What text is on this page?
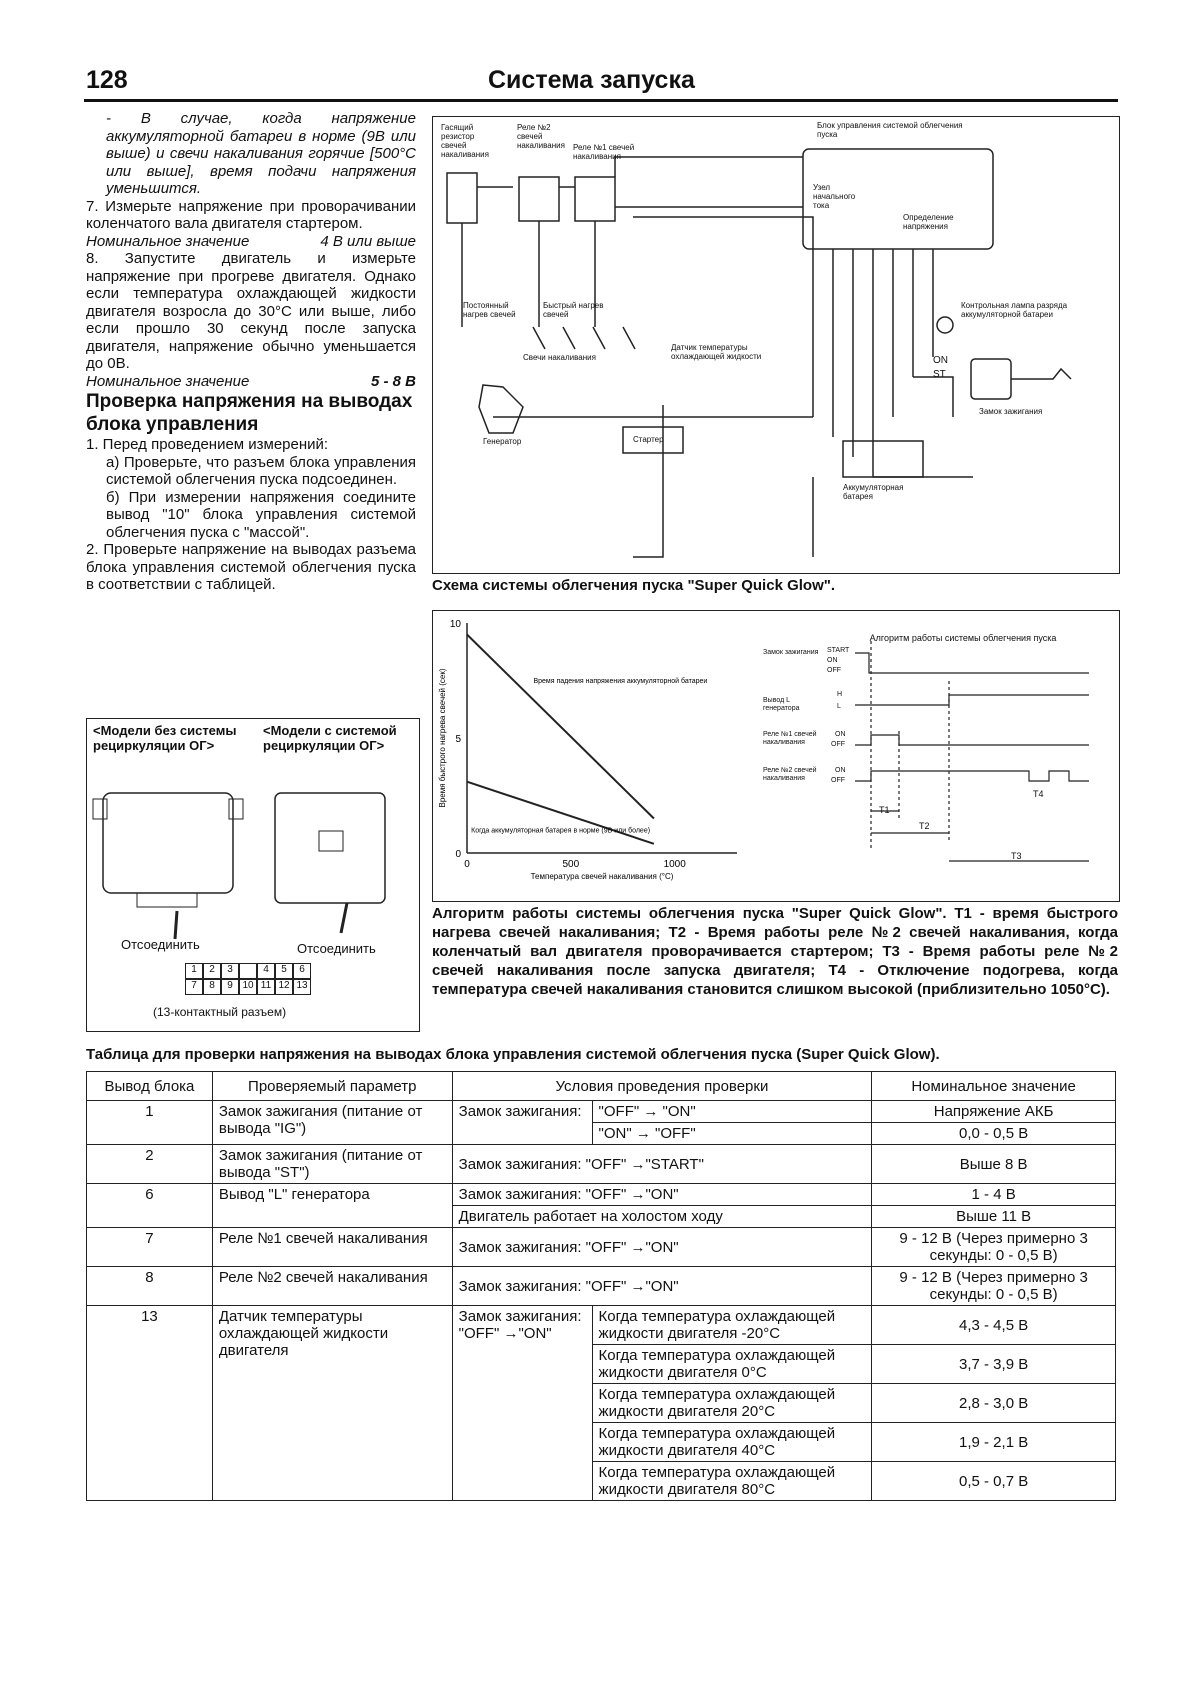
128	Система запуска

- В случае, когда напряжение аккумуляторной батареи в норме (9В или выше) и свечи накаливания горячие [500°С или выше], время подачи напряжения уменьшится.

7. Измерьте напряжение при проворачивании коленчатого вала двигателя стартером.

Номинальное значение	4 В или выше

8. Запустите двигатель и измерьте напряжение при прогреве двигателя. Однако если температура охлаждающей жидкости двигателя возросла до 30°С или выше, либо если прошло 30 секунд после запуска двигателя, напряжение обычно уменьшается до 0В.

Номинальное значение	5 - 8 В

Проверка напряжения на выводах блока управления

1. Перед проведением измерений:

а) Проверьте, что разъем блока управления системой облегчения пуска подсоединен.

б) При измерении напряжения соедините вывод "10" блока управления системой облегчения пуска с "массой".

2. Проверьте напряжение на выводах разъема блока управления системой облегчения пуска в соответствии с таблицей.

<Модели без системы рециркуляции ОГ>
<Модели с системой рециркуляции ОГ>
Отсоединить	Отсоединить
1	2	3	4	5	6
7	8	9 10 11 12 13
(13-контактный разъем)
Гасящий резистор свечей накаливания
Реле №2 свечей накаливания	Реле №1 свечей накаливания
Блок управления системой облегчения пуска
Узел начального тока
Определение напряжения
Постоянный нагрев свечей
Быстрый нагрев свечей
Свечи накаливания
Датчик температуры охлаждающей жидкости
Контрольная лампа разряда аккумуляторной батареи
ON
ST
Замок зажигания
Генератор	Стартер
Аккумуляторная батарея
Схема системы облегчения пуска "Super Quick Glow".
0
5
10
0	500	1000
Время падения напряжения аккумуляторной батареи
Когда аккумуляторная батарея в норме (9В или более)
Температура свечей накаливания (°С)
Время быстрого нагрева свечей (сек)
Алгоритм работы системы облегчения пуска
Замок зажигания
Вывод L генератора
Реле №1 свечей накаливания
Реле №2 свечей накаливания
START
ON
OFF
H
L
ON
OFF
ON
OFF
T1
T2
T3
T4
Алгоритм работы системы облегчения пуска "Super Quick Glow". T1 - время быстрого нагрева свечей накаливания; T2 - Время работы реле №2 свечей накаливания, когда коленчатый вал двигателя проворачивается стартером; T3 - Время работы реле №2 свечей накаливания после запуска двигателя; T4 - Отключение подогрева, когда температура свечей накаливания становится слишком высокой (приблизительно 1050°С).
Таблица для проверки напряжения на выводах блока управления системой облегчения пуска (Super Quick Glow).
Вывод блока	Проверяемый параметр	Условия проведения проверки		Номинальное значение
1	Замок зажигания (питание от вывода "IG")	Замок зажигания:	"OFF" → "ON"	Напряжение АКБ
			"ON" → "OFF"	0,0 - 0,5 В
2	Замок зажигания (питание от вывода "ST")	Замок зажигания: "OFF" →"START"		Выше 8 В
6	Вывод "L" генератора	Замок зажигания: "OFF" →"ON"		1 - 4 В
		Двигатель работает на холостом ходу		Выше 11 В
7	Реле №1 свечей накаливания	Замок зажигания: "OFF" →"ON"		9 - 12 В (Через примерно 3 секунды: 0 - 0,5 В)
8	Реле №2 свечей накаливания	Замок зажигания: "OFF" →"ON"		9 - 12 В (Через примерно 3 секунды: 0 - 0,5 В)
13	Датчик температуры охлаждающей жидкости двигателя	Замок зажигания: "OFF" →"ON"	Когда температура охлаждающей жидкости двигателя -20°С	4,3 - 4,5 В
			Когда температура охлаждающей жидкости двигателя 0°С	3,7 - 3,9 В
			Когда температура охлаждающей жидкости двигателя 20°С	2,8 - 3,0 В
			Когда температура охлаждающей жидкости двигателя 40°С	1,9 - 2,1 В
			Когда температура охлаждающей жидкости двигателя 80°С	0,5 - 0,7 В
